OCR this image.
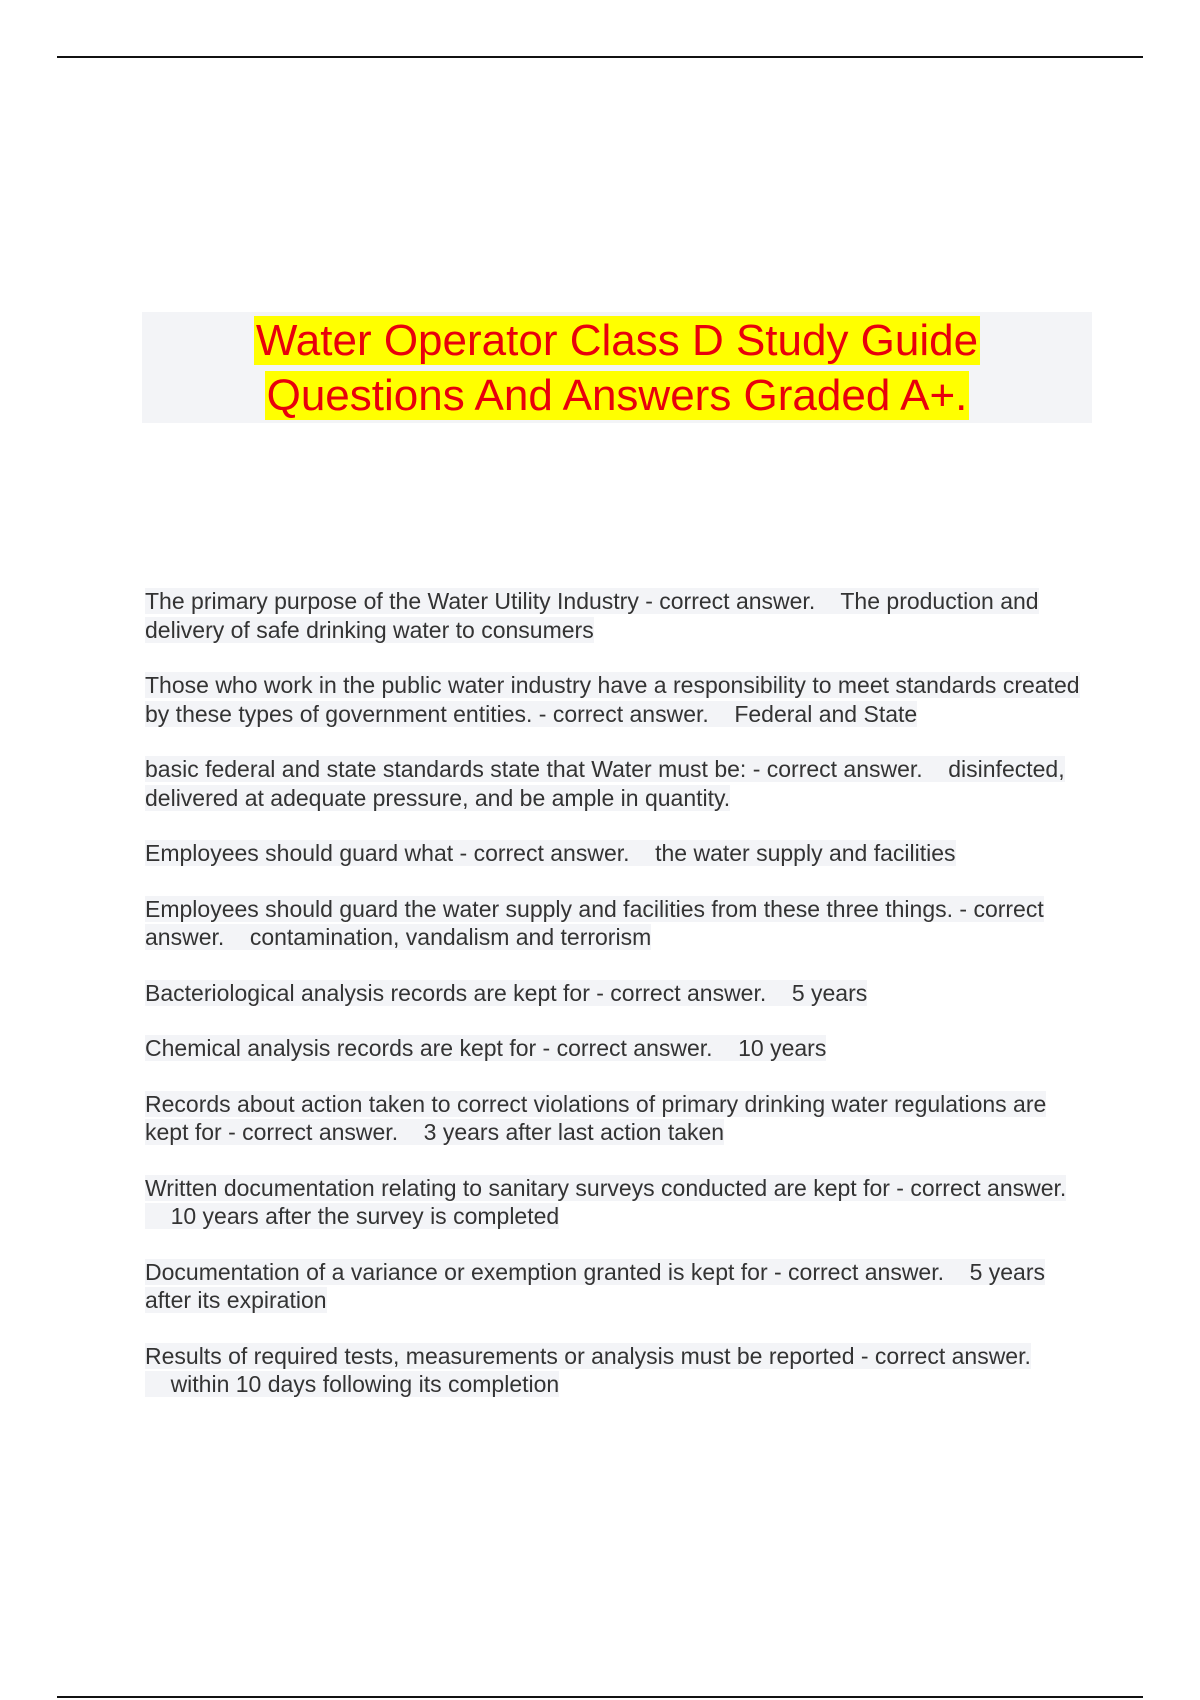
Water Operator Class D Study Guide
Questions And Answers Graded A+.

The primary purpose of the Water Utility Industry - correct answer. The production and delivery of safe drinking water to consumers

Those who work in the public water industry have a responsibility to meet standards created by these types of government entities. - correct answer. Federal and State

basic federal and state standards state that Water must be: - correct answer. disinfected, delivered at adequate pressure, and be ample in quantity.

Employees should guard what - correct answer. the water supply and facilities

Employees should guard the water supply and facilities from these three things. - correct answer. contamination, vandalism and terrorism

Bacteriological analysis records are kept for - correct answer. 5 years

Chemical analysis records are kept for - correct answer. 10 years

Records about action taken to correct violations of primary drinking water regulations are kept for - correct answer. 3 years after last action taken

Written documentation relating to sanitary surveys conducted are kept for - correct answer.    10 years after the survey is completed

Documentation of a variance or exemption granted is kept for - correct answer. 5 years after its expiration

Results of required tests, measurements or analysis must be reported - correct answer.    within 10 days following its completion
